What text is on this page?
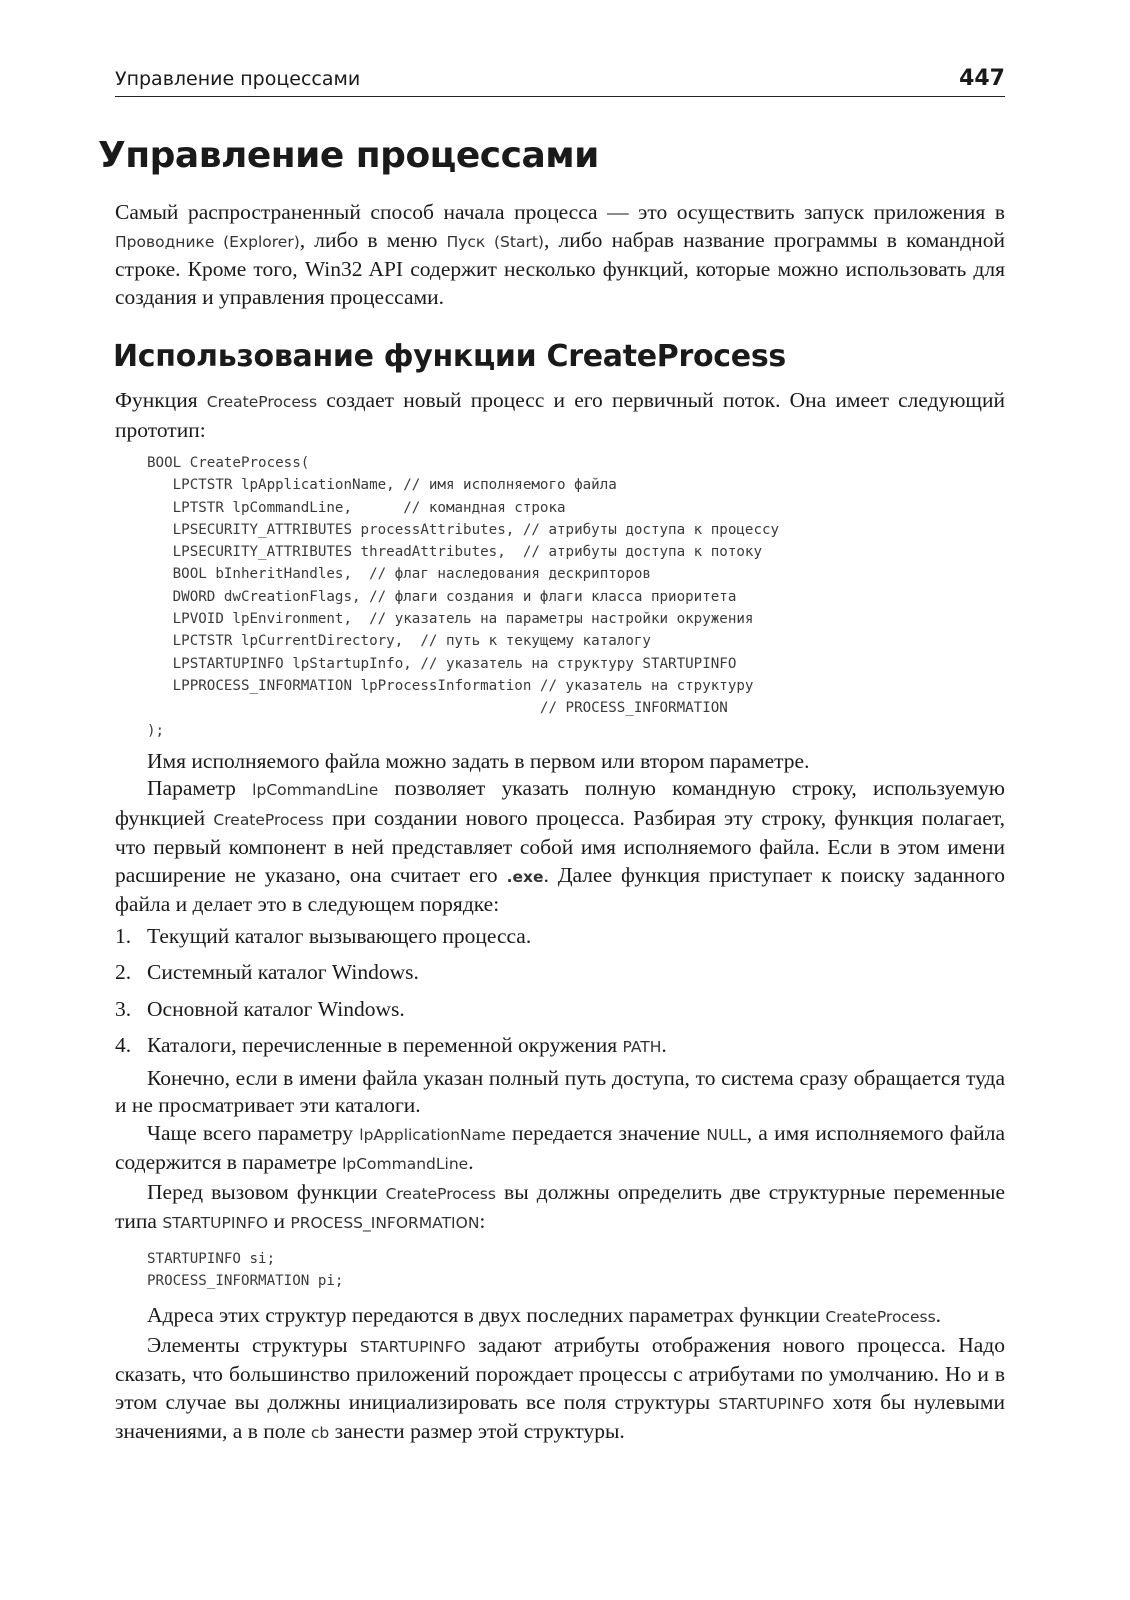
Управление процессами	447
Управление процессами

Самый распространенный способ начала процесса — это осуществить запуск приложения в Проводнике (Explorer), либо в меню Пуск (Start), либо набрав название программы в командной строке. Кроме того, Win32 API содержит несколько функций, которые можно использовать для создания и управления процессами.

Использование функции CreateProcess

Функция CreateProcess создает новый процесс и его первичный поток. Она имеет следующий прототип:

BOOL CreateProcess(
LPCTSTR lpApplicationName, // имя исполняемого файла
LPTSTR lpCommandLine,      // командная строка
LPSECURITY_ATTRIBUTES processAttributes, // атрибуты доступа к процессу
LPSECURITY_ATTRIBUTES threadAttributes,  // атрибуты доступа к потоку
BOOL bInheritHandles,  // флаг наследования дескрипторов
DWORD dwCreationFlags, // флаги создания и флаги класса приоритета
LPVOID lpEnvironment,  // указатель на параметры настройки окружения
LPCTSTR lpCurrentDirectory,  // путь к текущему каталогу
LPSTARTUPINFO lpStartupInfo, // указатель на структуру STARTUPINFO
LPPROCESS_INFORMATION lpProcessInformation // указатель на структуру
// PROCESS_INFORMATION
);

Имя исполняемого файла можно задать в первом или втором параметре.

Параметр lpCommandLine позволяет указать полную командную строку, используемую функцией CreateProcess при создании нового процесса. Разбирая эту строку, функция полагает, что первый компонент в ней представляет собой имя исполняемого файла. Если в этом имени расширение не указано, она считает его .exe. Далее функция приступает к поиску заданного файла и делает это в следующем порядке:

1. Текущий каталог вызывающего процесса.
2. Системный каталог Windows.
3. Основной каталог Windows.
4. Каталоги, перечисленные в переменной окружения PATH.

Конечно, если в имени файла указан полный путь доступа, то система сразу обращается туда и не просматривает эти каталоги.

Чаще всего параметру lpApplicationName передается значение NULL, а имя исполняемого файла содержится в параметре lpCommandLine.

Перед вызовом функции CreateProcess вы должны определить две структурные переменные типа STARTUPINFO и PROCESS_INFORMATION:

STARTUPINFO si;
PROCESS_INFORMATION pi;

Адреса этих структур передаются в двух последних параметрах функции CreateProcess.

Элементы структуры STARTUPINFO задают атрибуты отображения нового процесса. Надо сказать, что большинство приложений порождает процессы с атрибутами по умолчанию. Но и в этом случае вы должны инициализировать все поля структуры STARTUPINFO хотя бы нулевыми значениями, а в поле cb занести размер этой структуры.
